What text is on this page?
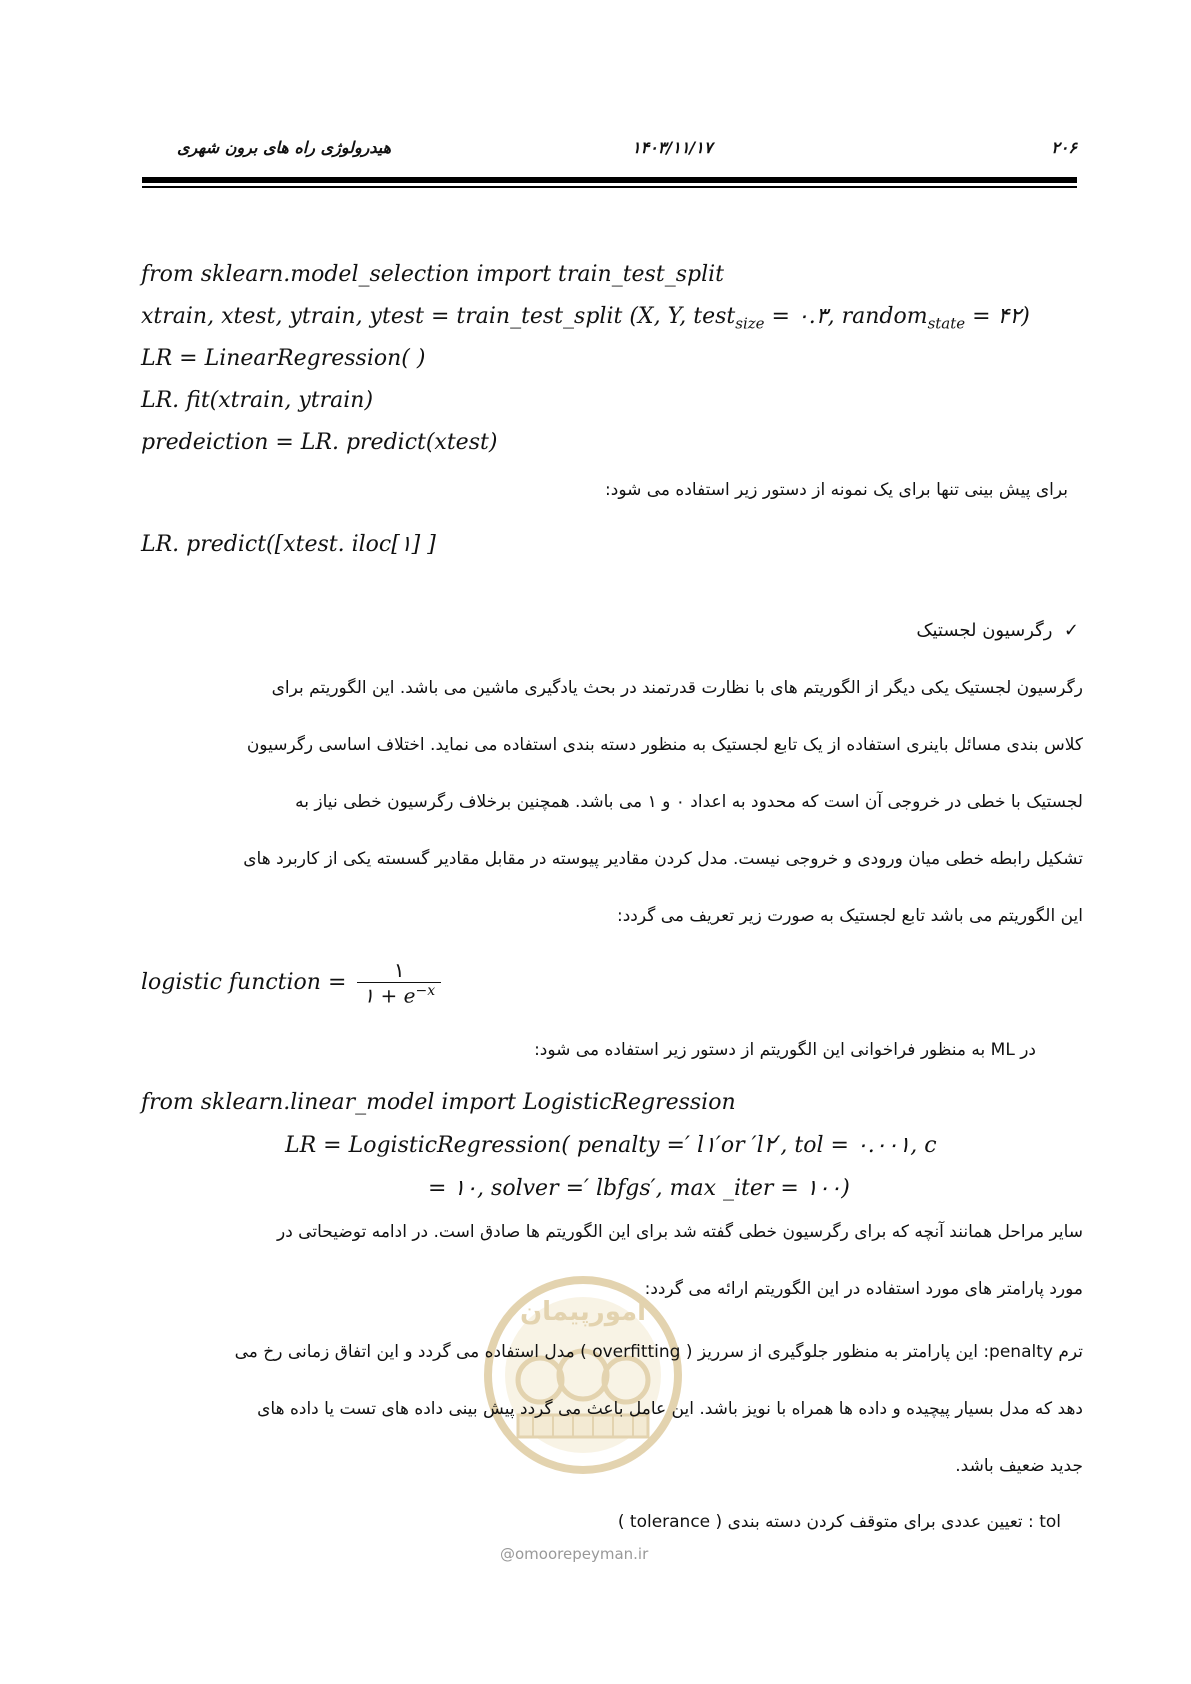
هیدرولوژی راه های برون شهری	۱۴۰۳/۱۱/۱۷	۲۰۶
from sklearn.model_selection import train_test_split
xtrain, xtest, ytrain, ytest = train_test_split (X, Y, test$_{size}$ = ۰.۳, random$_{state}$ = ۴۲)
LR = LinearRegression( )
LR. fit(xtrain, ytrain)
predeiction = LR. predict(xtest)
برای پیش بینی تنها برای یک نمونه از دستور زیر استفاده می شود:
LR. predict([xtest. iloc[۱] ]
✓  رگرسیون لجستیک
رگرسیون لجستیک یکی دیگر از الگوریتم های با نظارت قدرتمند در بحث یادگیری ماشین می باشد. این الگوریتم برای
کلاس بندی مسائل باینری استفاده از یک تابع لجستیک به منظور دسته بندی استفاده می نماید. اختلاف اساسی رگرسیون
لجستیک با خطی در خروجی آن است که محدود به اعداد ۰ و ۱ می باشد. همچنین برخلاف رگرسیون خطی نیاز به
تشکیل رابطه خطی میان ورودی و خروجی نیست. مدل کردن مقادیر پیوسته در مقابل مقادیر گسسته یکی از کاربرد های
این الگوریتم می باشد تابع لجستیک به صورت زیر تعریف می گردد:
logistic function = $\frac{۱}{۱ + e^{-x}}$
در ML به منظور فراخوانی این الگوریتم از دستور زیر استفاده می شود:
from sklearn.linear_model import LogisticRegression
LR = LogisticRegression( penalty =′ l۱′or ′l۲′, tol = ۰.۰۰۱, c
= ۱۰, solver =′ lbfgs′, max _iter = ۱۰۰)
سایر مراحل همانند آنچه که برای رگرسیون خطی گفته شد برای این الگوریتم ها صادق است. در ادامه توضیحاتی در
مورد پارامتر های مورد استفاده در این الگوریتم ارائه می گردد:
امورپیمان
ترم penalty: این پارامتر به منظور جلوگیری از سرریز ( overfitting ) مدل استفاده می گردد و این اتفاق زمانی رخ می
دهد که مدل بسیار پیچیده و داده ها همراه با نویز باشد. این عامل باعث می گردد پیش بینی داده های تست یا داده های
جدید ضعیف باشد.
tol : تعیین عددی برای متوقف کردن دسته بندی ( tolerance )
@omoorepeyman.ir
